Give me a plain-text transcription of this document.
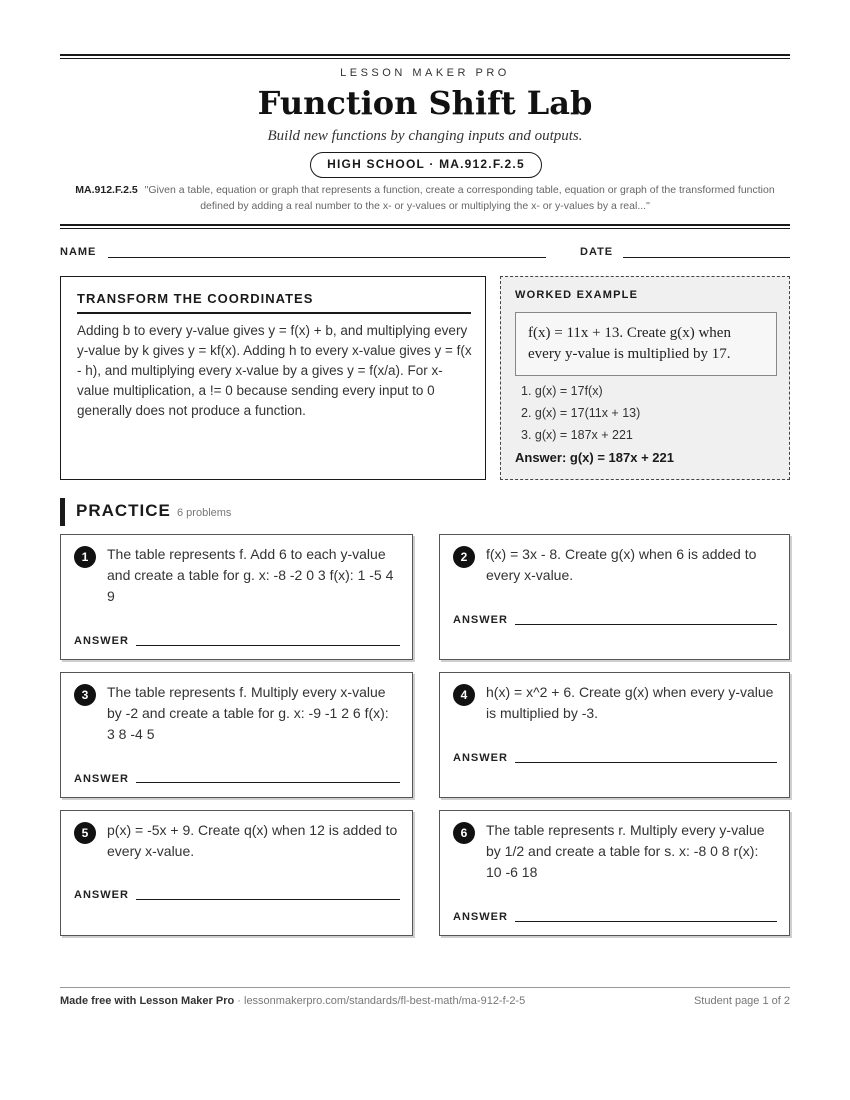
LESSON MAKER PRO
Function Shift Lab
Build new functions by changing inputs and outputs.
HIGH SCHOOL · MA.912.F.2.5
MA.912.F.2.5 "Given a table, equation or graph that represents a function, create a corresponding table, equation or graph of the transformed function defined by adding a real number to the x- or y-values or multiplying the x- or y-values by a real..."
NAME	DATE
TRANSFORM THE COORDINATES
Adding b to every y-value gives y = f(x) + b, and multiplying every y-value by k gives y = kf(x). Adding h to every x-value gives y = f(x - h), and multiplying every x-value by a gives y = f(x/a). For x-value multiplication, a != 0 because sending every input to 0 generally does not produce a function.
WORKED EXAMPLE
f(x) = 11x + 13. Create g(x) when every y-value is multiplied by 17.
1. g(x) = 17f(x)
2. g(x) = 17(11x + 13)
3. g(x) = 187x + 221
Answer: g(x) = 187x + 221
PRACTICE 6 problems
1	The table represents f. Add 6 to each y-value and create a table for g. x: -8 -2 0 3 f(x): 1 -5 4 9
ANSWER
2	f(x) = 3x - 8. Create g(x) when 6 is added to every x-value.
ANSWER
3	The table represents f. Multiply every x-value by -2 and create a table for g. x: -9 -1 2 6 f(x): 3 8 -4 5
ANSWER
4	h(x) = x^2 + 6. Create g(x) when every y-value is multiplied by -3.
ANSWER
5	p(x) = -5x + 9. Create q(x) when 12 is added to every x-value.
ANSWER
6	The table represents r. Multiply every y-value by 1/2 and create a table for s. x: -8 0 8 r(x): 10 -6 18
ANSWER
Made free with Lesson Maker Pro · lessonmakerpro.com/standards/fl-best-math/ma-912-f-2-5	Student page 1 of 2
